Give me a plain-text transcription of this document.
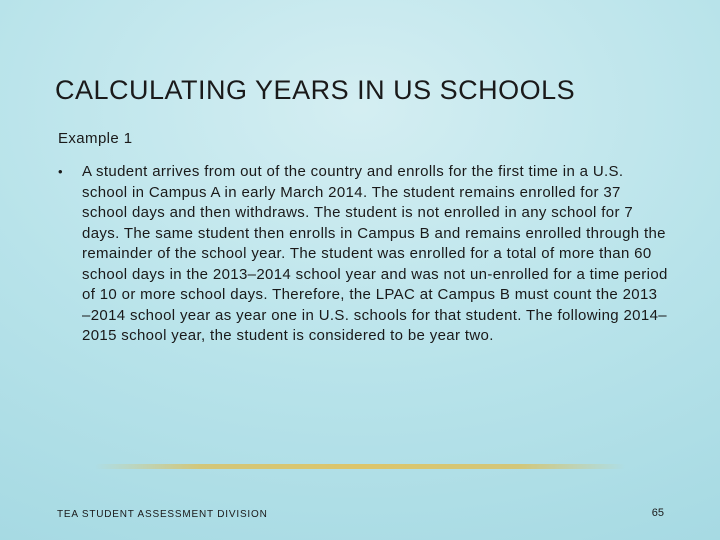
CALCULATING YEARS IN US SCHOOLS
Example 1
•	A student arrives from out of the country and enrolls for the first time in a U.S. school in Campus A in early March 2014. The student remains enrolled for 37 school days and then withdraws. The student is not enrolled in any school for 7 days. The same student then enrolls in Campus B and remains enrolled through the remainder of the school year. The student was enrolled for a total of more than 60 school days in the 2013–2014 school year and was not un-enrolled for a time period of 10 or more school days. Therefore, the LPAC at Campus B must count the 2013 –2014 school year as year one in U.S. schools for that student. The following 2014–2015 school year, the student is considered to be year two.
TEA STUDENT ASSESSMENT DIVISION	65
